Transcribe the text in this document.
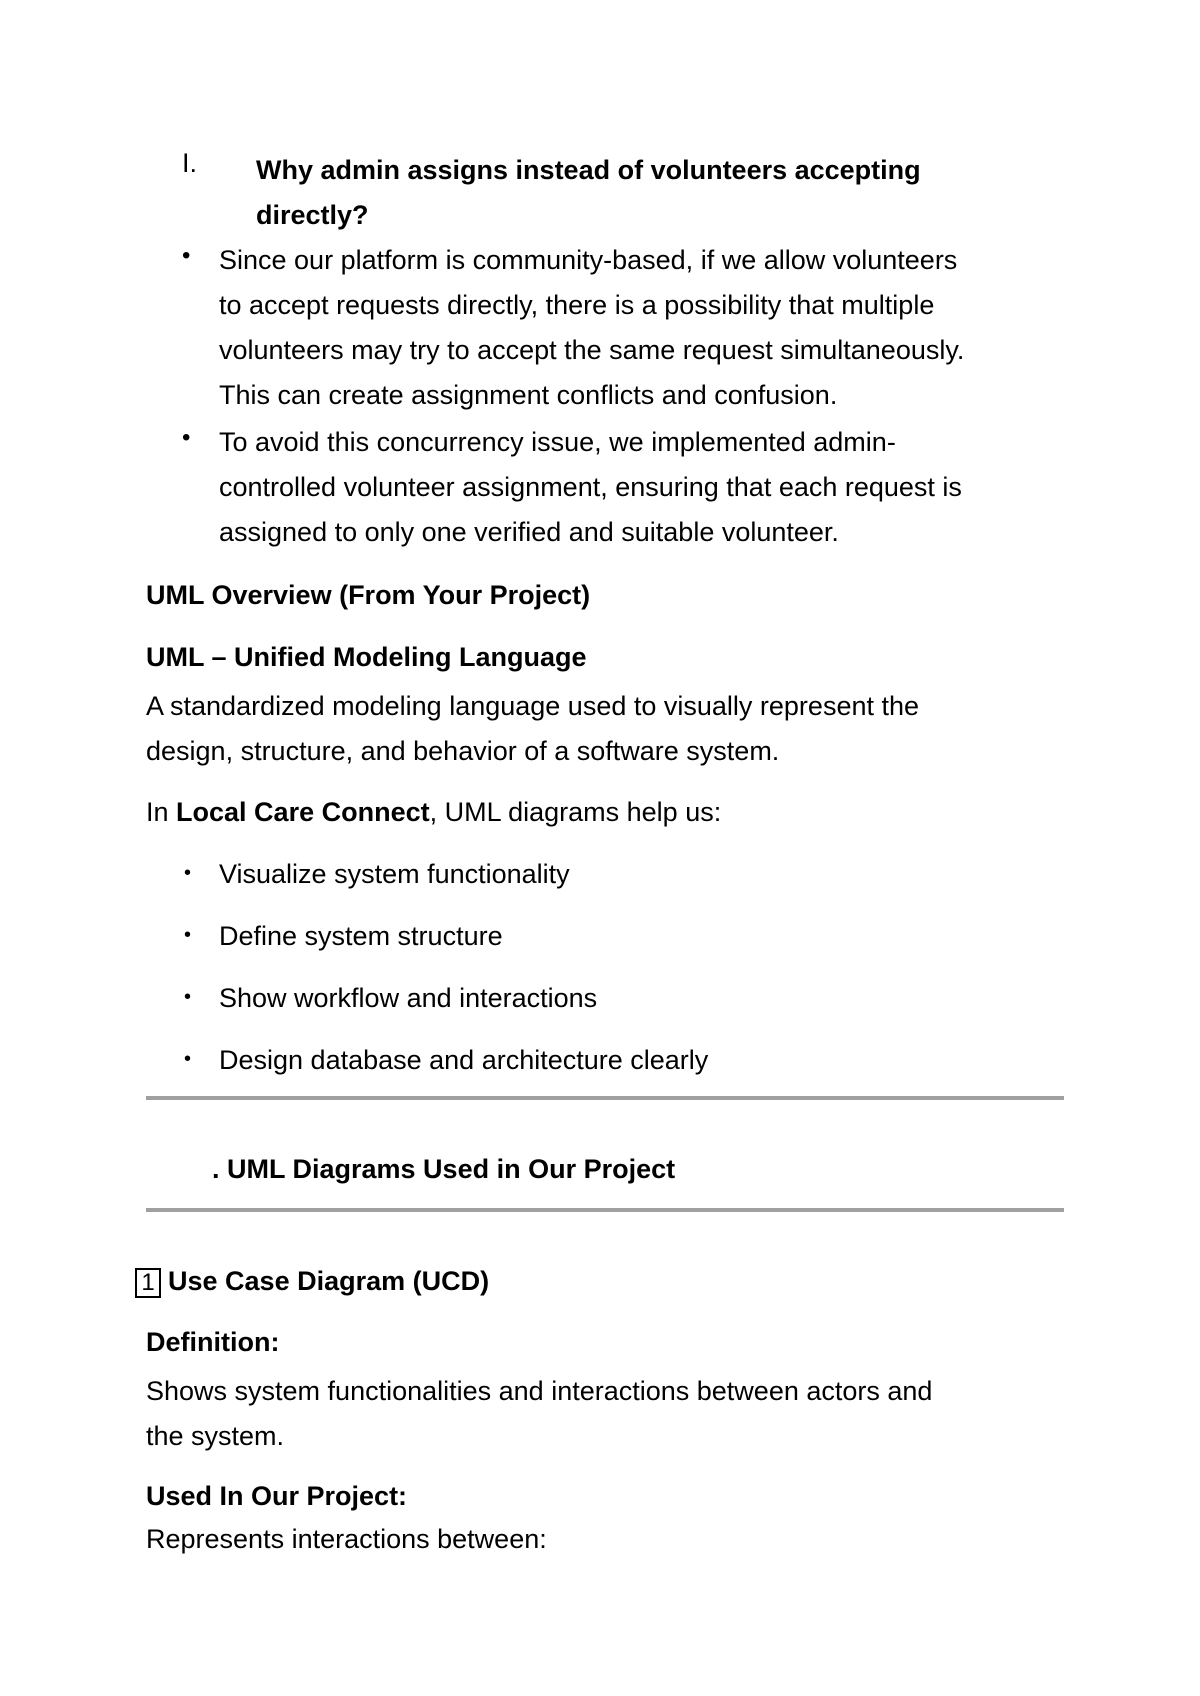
I. Why admin assigns instead of volunteers accepting
directly?
• Since our platform is community-based, if we allow volunteers
to accept requests directly, there is a possibility that multiple
volunteers may try to accept the same request simultaneously.
This can create assignment conflicts and confusion.
• To avoid this concurrency issue, we implemented admin-
controlled volunteer assignment, ensuring that each request is
assigned to only one verified and suitable volunteer.
UML Overview (From Your Project)
UML – Unified Modeling Language
A standardized modeling language used to visually represent the
design, structure, and behavior of a software system.
In Local Care Connect, UML diagrams help us:
• Visualize system functionality
• Define system structure
• Show workflow and interactions
• Design database and architecture clearly
. UML Diagrams Used in Our Project
1 Use Case Diagram (UCD)
Definition:
Shows system functionalities and interactions between actors and
the system.
Used In Our Project:
Represents interactions between:
